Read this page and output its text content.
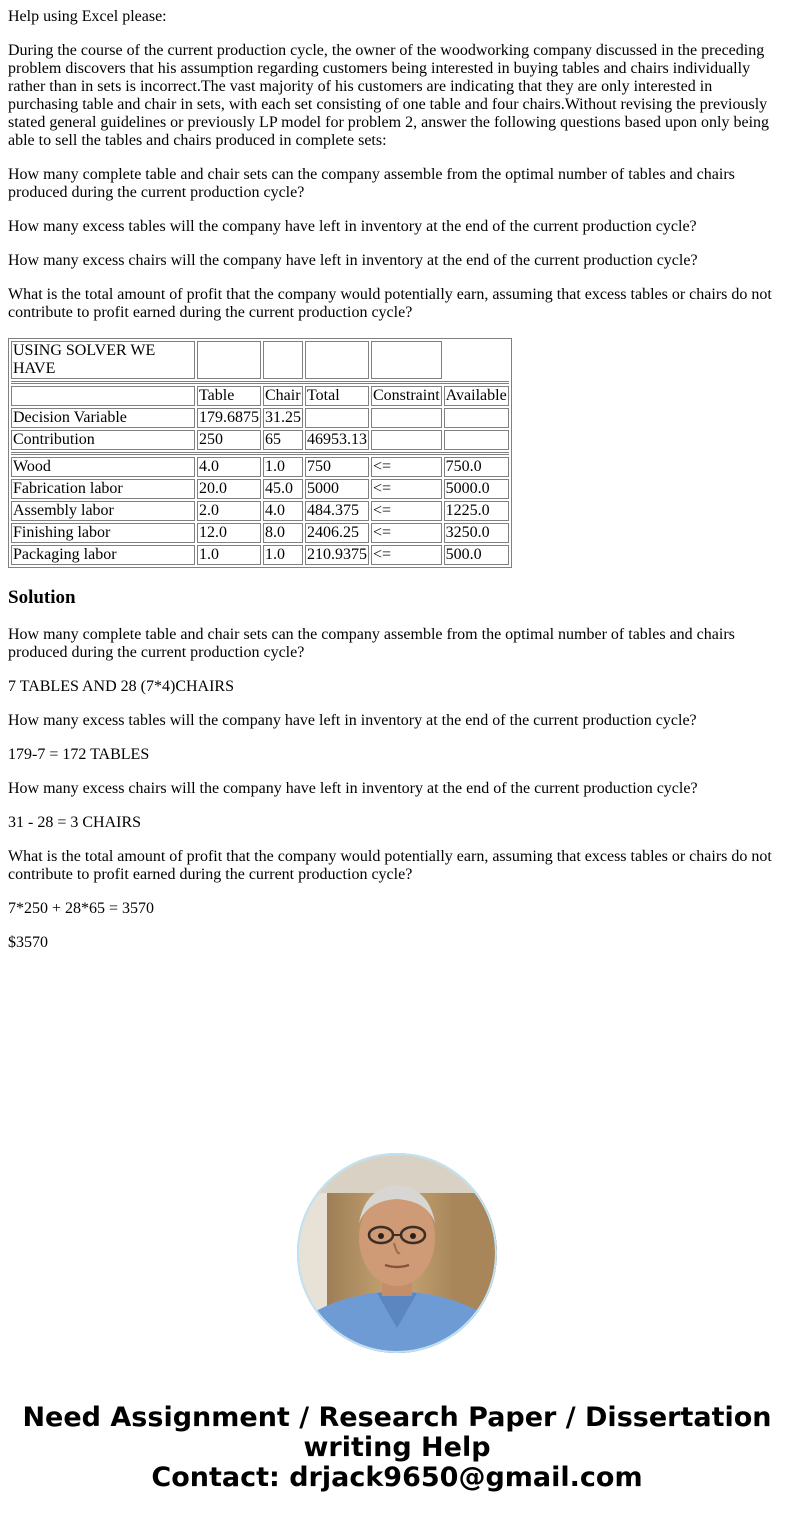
Help using Excel please:

During the course of the current production cycle, the owner of the woodworking company discussed in the preceding problem discovers that his assumption regarding customers being interested in buying tables and chairs individually rather than in sets is incorrect.The vast majority of his customers are indicating that they are only interested in purchasing table and chair in sets, with each set consisting of one table and four chairs.Without revising the previously stated general guidelines or previously LP model for problem 2, answer the following questions based upon only being able to sell the tables and chairs produced in complete sets:

How many complete table and chair sets can the company assemble from the optimal number of tables and chairs produced during the current production cycle?

How many excess tables will the company have left in inventory at the end of the current production cycle?

How many excess chairs will the company have left in inventory at the end of the current production cycle?

What is the total amount of profit that the company would potentially earn, assuming that excess tables or chairs do not contribute to profit earned during the current production cycle?

USING SOLVER WE HAVE					

	Table	Chair	Total	Constraint	Available
Decision Variable	179.6875	31.25			
Contribution	250	65	46953.13		

Wood	4.0	1.0	750	<=	750.0
Fabrication labor	20.0	45.0	5000	<=	5000.0
Assembly labor	2.0	4.0	484.375	<=	1225.0
Finishing labor	12.0	8.0	2406.25	<=	3250.0
Packaging labor	1.0	1.0	210.9375	<=	500.0
Solution

How many complete table and chair sets can the company assemble from the optimal number of tables and chairs produced during the current production cycle?

7 TABLES AND 28 (7*4)CHAIRS

How many excess tables will the company have left in inventory at the end of the current production cycle?

179-7 = 172 TABLES

How many excess chairs will the company have left in inventory at the end of the current production cycle?

31 - 28 = 3 CHAIRS

What is the total amount of profit that the company would potentially earn, assuming that excess tables or chairs do not contribute to profit earned during the current production cycle?

7*250 + 28*65 = 3570

$3570

Need Assignment / Research Paper / Dissertation
writing Help
Contact: drjack9650@gmail.com
